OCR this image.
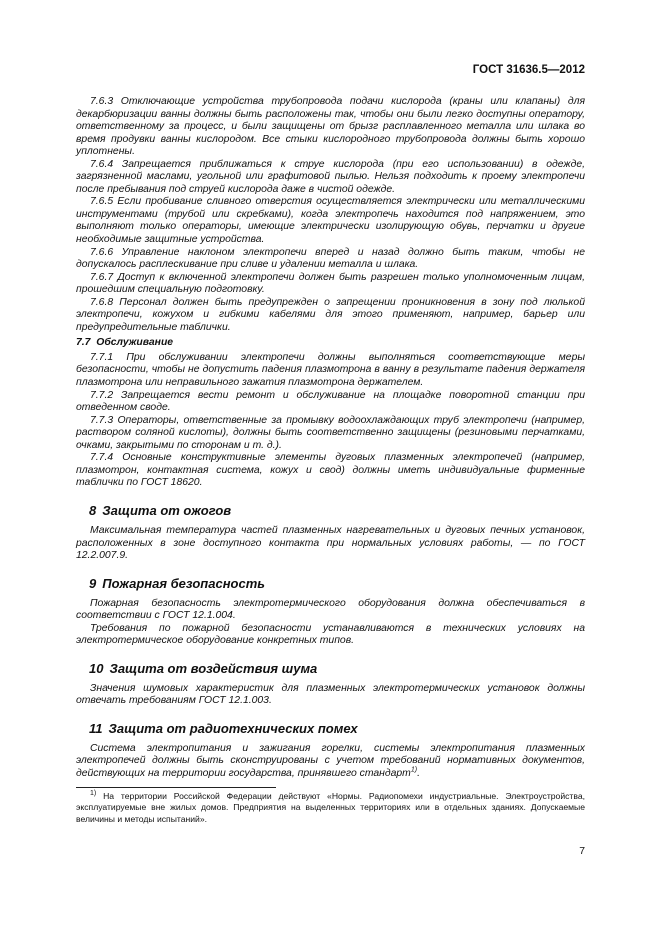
ГОСТ 31636.5—2012

7.6.3 Отключающие устройства трубопровода подачи кислорода (краны или клапаны) для декарбюризации ванны должны быть расположены так, чтобы они были легко доступны оператору, ответственному за процесс, и были защищены от брызг расплавленного металла или шлака во время продувки ванны кислородом. Все стыки кислородного трубопровода должны быть хорошо уплотнены.

7.6.4 Запрещается приближаться к струе кислорода (при его использовании) в одежде, загрязненной маслами, угольной или графитовой пылью. Нельзя подходить к проему электропечи после пребывания под струей кислорода даже в чистой одежде.

7.6.5 Если пробивание сливного отверстия осуществляется электрически или металлическими инструментами (трубой или скребками), когда электропечь находится под напряжением, это выполняют только операторы, имеющие электрически изолирующую обувь, перчатки и другие необходимые защитные устройства.

7.6.6 Управление наклоном электропечи вперед и назад должно быть таким, чтобы не допускалось расплескивание при сливе и удалении металла и шлака.

7.6.7 Доступ к включенной электропечи должен быть разрешен только уполномоченным лицам, прошедшим специальную подготовку.

7.6.8 Персонал должен быть предупрежден о запрещении проникновения в зону под люлькой электропечи, кожухом и гибкими кабелями для этого применяют, например, барьер или предупредительные таблички.

7.7 Обслуживание

7.7.1 При обслуживании электропечи должны выполняться соответствующие меры безопасности, чтобы не допустить падения плазмотрона в ванну в результате падения держателя плазмотрона или неправильного зажатия плазмотрона держателем.

7.7.2 Запрещается вести ремонт и обслуживание на площадке поворотной станции при отведенном своде.

7.7.3 Операторы, ответственные за промывку водоохлаждающих труб электропечи (например, раствором соляной кислоты), должны быть соответственно защищены (резиновыми перчатками, очками, закрытыми по сторонам и т. д.).

7.7.4 Основные конструктивные элементы дуговых плазменных электропечей (например, плазмотрон, контактная система, кожух и свод) должны иметь индивидуальные фирменные таблички по ГОСТ 18620.

8 Защита от ожогов

Максимальная температура частей плазменных нагревательных и дуговых печных установок, расположенных в зоне доступного контакта при нормальных условиях работы, — по ГОСТ 12.2.007.9.

9 Пожарная безопасность

Пожарная безопасность электротермического оборудования должна обеспечиваться в соответствии с ГОСТ 12.1.004.

Требования по пожарной безопасности устанавливаются в технических условиях на электротермическое оборудование конкретных типов.

10 Защита от воздействия шума

Значения шумовых характеристик для плазменных электротермических установок должны отвечать требованиям ГОСТ 12.1.003.

11 Защита от радиотехнических помех

Система электропитания и зажигания горелки, системы электропитания плазменных электропечей должны быть сконструированы с учетом требований нормативных документов, действующих на территории государства, принявшего стандарт$^{1)}$.

$^{1)}$ На территории Российской Федерации действуют «Нормы. Радиопомехи индустриальные. Электроустройства, эксплуатируемые вне жилых домов. Предприятия на выделенных территориях или в отдельных зданиях. Допускаемые величины и методы испытаний».

7
